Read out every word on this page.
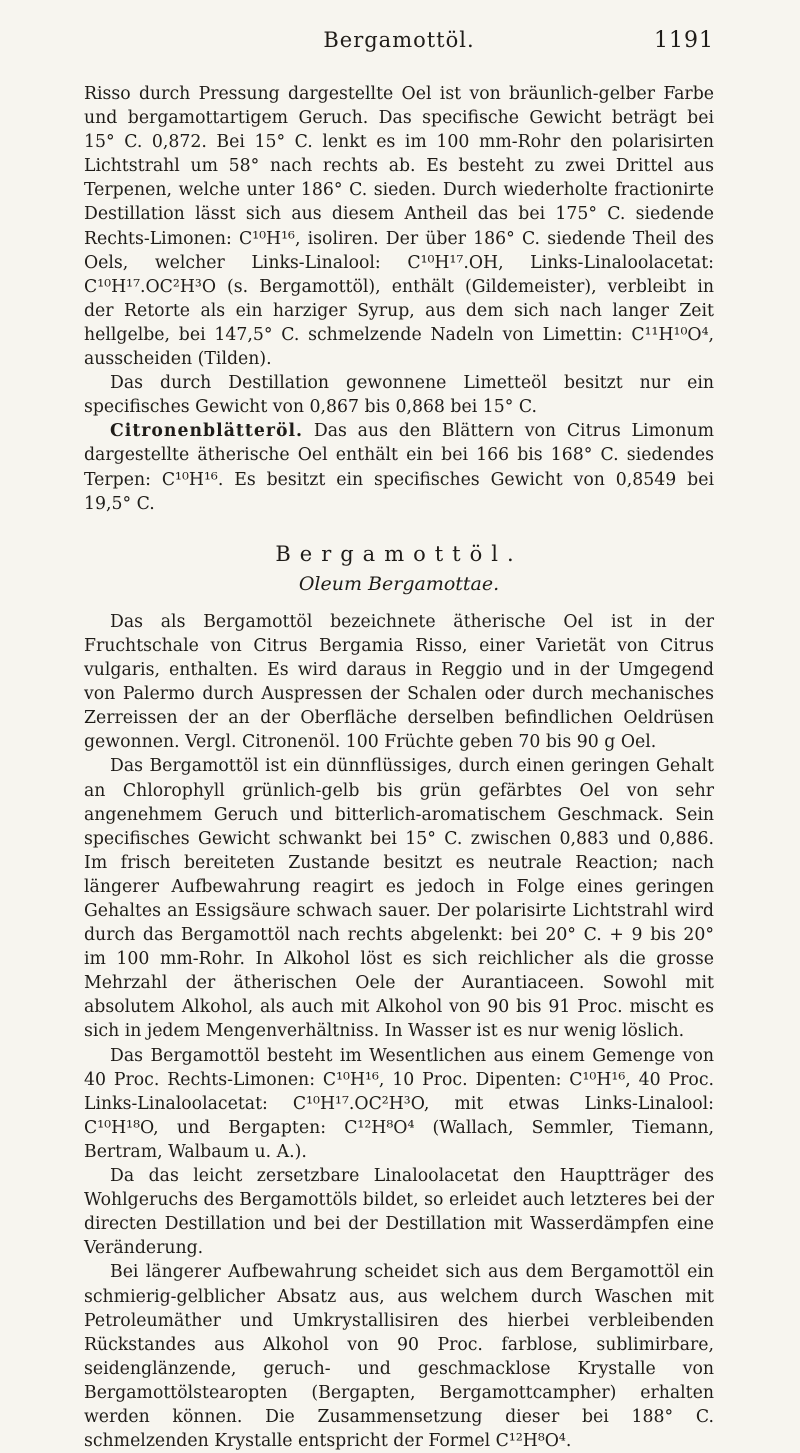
Bergamottöl.	1191

Risso durch Pressung dargestellte Oel ist von bräunlich-gelber Farbe und bergamottartigem Geruch. Das specifische Gewicht beträgt bei 15° C. 0,872. Bei 15° C. lenkt es im 100 mm-Rohr den polarisirten Lichtstrahl um 58° nach rechts ab. Es besteht zu zwei Drittel aus Terpenen, welche unter 186° C. sieden. Durch wiederholte fractionirte Destillation lässt sich aus diesem Antheil das bei 175° C. siedende Rechts-Limonen: C¹⁰H¹⁶, isoliren. Der über 186° C. siedende Theil des Oels, welcher Links-Linalool: C¹⁰H¹⁷.OH, Links-Linaloolacetat: C¹⁰H¹⁷.OC²H³O (s. Bergamottöl), enthält (Gildemeister), verbleibt in der Retorte als ein harziger Syrup, aus dem sich nach langer Zeit hellgelbe, bei 147,5° C. schmelzende Nadeln von Limettin: C¹¹H¹⁰O⁴, ausscheiden (Tilden).

Das durch Destillation gewonnene Limetteöl besitzt nur ein specifisches Gewicht von 0,867 bis 0,868 bei 15° C.

Citronenblätteröl. Das aus den Blättern von Citrus Limonum dargestellte ätherische Oel enthält ein bei 166 bis 168° C. siedendes Terpen: C¹⁰H¹⁶. Es besitzt ein specifisches Gewicht von 0,8549 bei 19,5° C.

Bergamottöl.
Oleum Bergamottae.

Das als Bergamottöl bezeichnete ätherische Oel ist in der Fruchtschale von Citrus Bergamia Risso, einer Varietät von Citrus vulgaris, enthalten. Es wird daraus in Reggio und in der Umgegend von Palermo durch Auspressen der Schalen oder durch mechanisches Zerreissen der an der Oberfläche derselben befindlichen Oeldrüsen gewonnen. Vergl. Citronenöl. 100 Früchte geben 70 bis 90 g Oel.

Das Bergamottöl ist ein dünnflüssiges, durch einen geringen Gehalt an Chlorophyll grünlich-gelb bis grün gefärbtes Oel von sehr angenehmem Geruch und bitterlich-aromatischem Geschmack. Sein specifisches Gewicht schwankt bei 15° C. zwischen 0,883 und 0,886. Im frisch bereiteten Zustande besitzt es neutrale Reaction; nach längerer Aufbewahrung reagirt es jedoch in Folge eines geringen Gehaltes an Essigsäure schwach sauer. Der polarisirte Lichtstrahl wird durch das Bergamottöl nach rechts abgelenkt: bei 20° C. + 9 bis 20° im 100 mm-Rohr. In Alkohol löst es sich reichlicher als die grosse Mehrzahl der ätherischen Oele der Aurantiaceen. Sowohl mit absolutem Alkohol, als auch mit Alkohol von 90 bis 91 Proc. mischt es sich in jedem Mengenverhältniss. In Wasser ist es nur wenig löslich.

Das Bergamottöl besteht im Wesentlichen aus einem Gemenge von 40 Proc. Rechts-Limonen: C¹⁰H¹⁶, 10 Proc. Dipenten: C¹⁰H¹⁶, 40 Proc. Links-Linaloolacetat: C¹⁰H¹⁷.OC²H³O, mit etwas Links-Linalool: C¹⁰H¹⁸O, und Bergapten: C¹²H⁸O⁴ (Wallach, Semmler, Tiemann, Bertram, Walbaum u. A.).

Da das leicht zersetzbare Linaloolacetat den Hauptträger des Wohlgeruchs des Bergamottöls bildet, so erleidet auch letzteres bei der directen Destillation und bei der Destillation mit Wasserdämpfen eine Veränderung.

Bei längerer Aufbewahrung scheidet sich aus dem Bergamottöl ein schmierig-gelblicher Absatz aus, aus welchem durch Waschen mit Petroleumäther und Umkrystallisiren des hierbei verbleibenden Rückstandes aus Alkohol von 90 Proc. farblose, sublimirbare, seidenglänzende, geruch- und geschmacklose Krystalle von Bergamottölstearopten (Bergapten, Bergamottcampher) erhalten werden können. Die Zusammensetzung dieser bei 188° C. schmelzenden Krystalle entspricht der Formel C¹²H⁸O⁴.
